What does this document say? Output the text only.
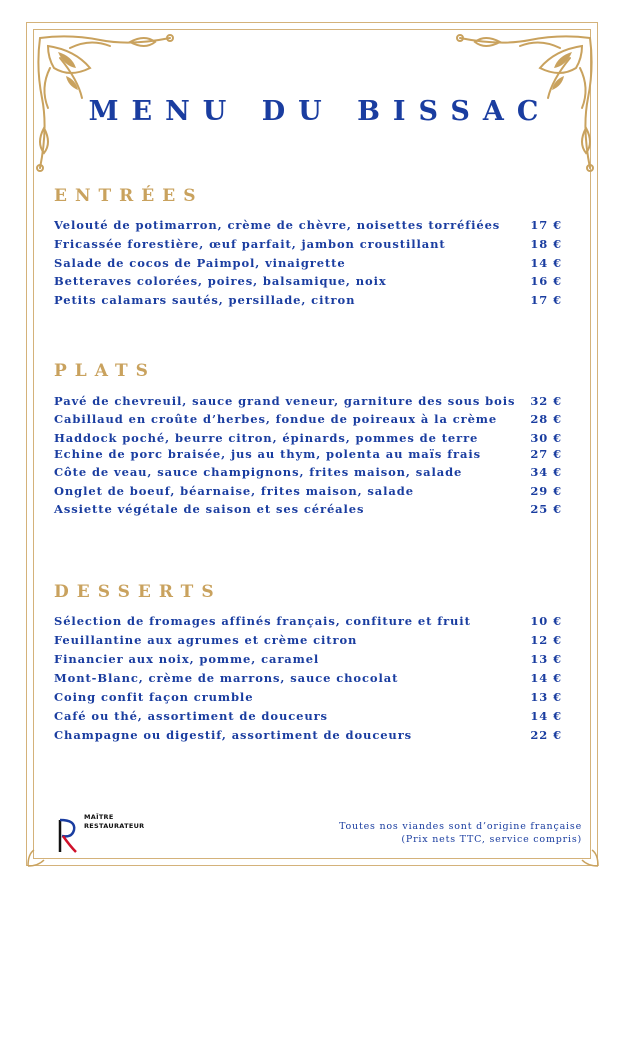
MENU DU BISSAC
ENTRÉES
Velouté de potimarron, crème de chèvre, noisettes torréfiées	17 €
Fricassée forestière, œuf parfait, jambon croustillant	18 €
Salade de cocos de Paimpol, vinaigrette	14 €
Betteraves colorées, poires, balsamique, noix	16 €
Petits calamars sautés, persillade, citron	17 €
PLATS
Pavé de chevreuil, sauce grand veneur, garniture des sous bois 32 €
Cabillaud en croûte d’herbes, fondue de poireaux à la crème	28 €
Haddock poché, beurre citron, épinards, pommes de terre	30 €
Echine de porc braisée, jus au thym, polenta au maïs frais	27 €
Côte de veau, sauce champignons, frites maison, salade	34 €
Onglet de boeuf, béarnaise, frites maison, salade	29 €
Assiette végétale de saison et ses céréales	25 €
DESSERTS
Sélection de fromages affinés français, confiture et fruit	10 €
Feuillantine aux agrumes et crème citron	12 €
Financier aux noix, pomme, caramel	13 €
Mont-Blanc, crème de marrons, sauce chocolat	14 €
Coing confit façon crumble	13 €
Café ou thé, assortiment de douceurs	14 €
Champagne ou digestif, assortiment de douceurs	22 €
MAÎTRE
RESTAURATEUR	Toutes nos viandes sont d’origine française
(Prix nets TTC, service compris)
